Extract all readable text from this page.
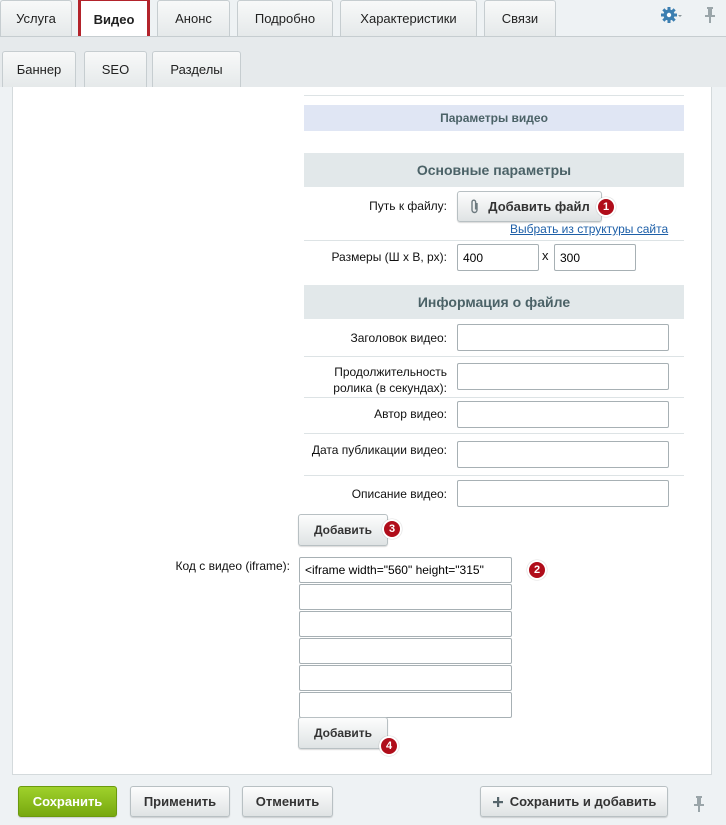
Услуга	Видео	Анонс	Подробно	Характеристики	Связи
Баннер	SEO	Разделы
Параметры видео
Основные параметры
Путь к файлу:	Добавить файл	1
Выбрать из структуры сайта
Размеры (Ш х В, px):	400	x 300
Информация о файле
Заголовок видео:
Продолжительность ролика (в секундах):
Автор видео:
Дата публикации видео:
Описание видео:
Добавить	3
Код с видео (iframe):	<iframe width="560" height="315"	2
Добавить
4
Сохранить	Применить	Отменить	Сохранить и добавить
